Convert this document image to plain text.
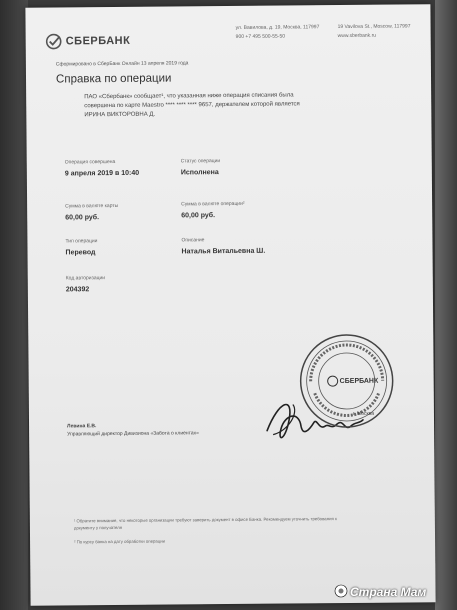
СБЕРБАНК
ул. Вавилова, д. 19, Москва, 117997
900 +7 495 500-55-50
19 Vavilova St., Moscow, 117997
www.sberbank.ru
Сформировано в СберБанк Онлайн 13 апреля 2019 года
Справка по операции
ПАО «Сбербанк» сообщает¹, что указанная ниже операция списания была совершена по карте Maestro **** **** **** 9657, держателем которой является ИРИНА ВИКТОРОВНА Д.
Операция совершена
9 апреля 2019 в 10:40
Статус операции
Исполнена
Сумма в валюте карты
60,00 руб.
Сумма в валюте операции²
60,00 руб.
Тип операции
Перевод
Описание
Наталья Витальевна Ш.
Код авторизации
204392
Левина Е.В.
Управляющий директор Дивизиона «Забота о клиентах»
СБЕРБАНК
г. Москва
¹ Обратите внимание, что некоторые организации требуют заверить документ в офисе Банка. Рекомендуем уточнить требования к документу у получателя
² По курсу банка на дату обработки операции
Страна Мам
